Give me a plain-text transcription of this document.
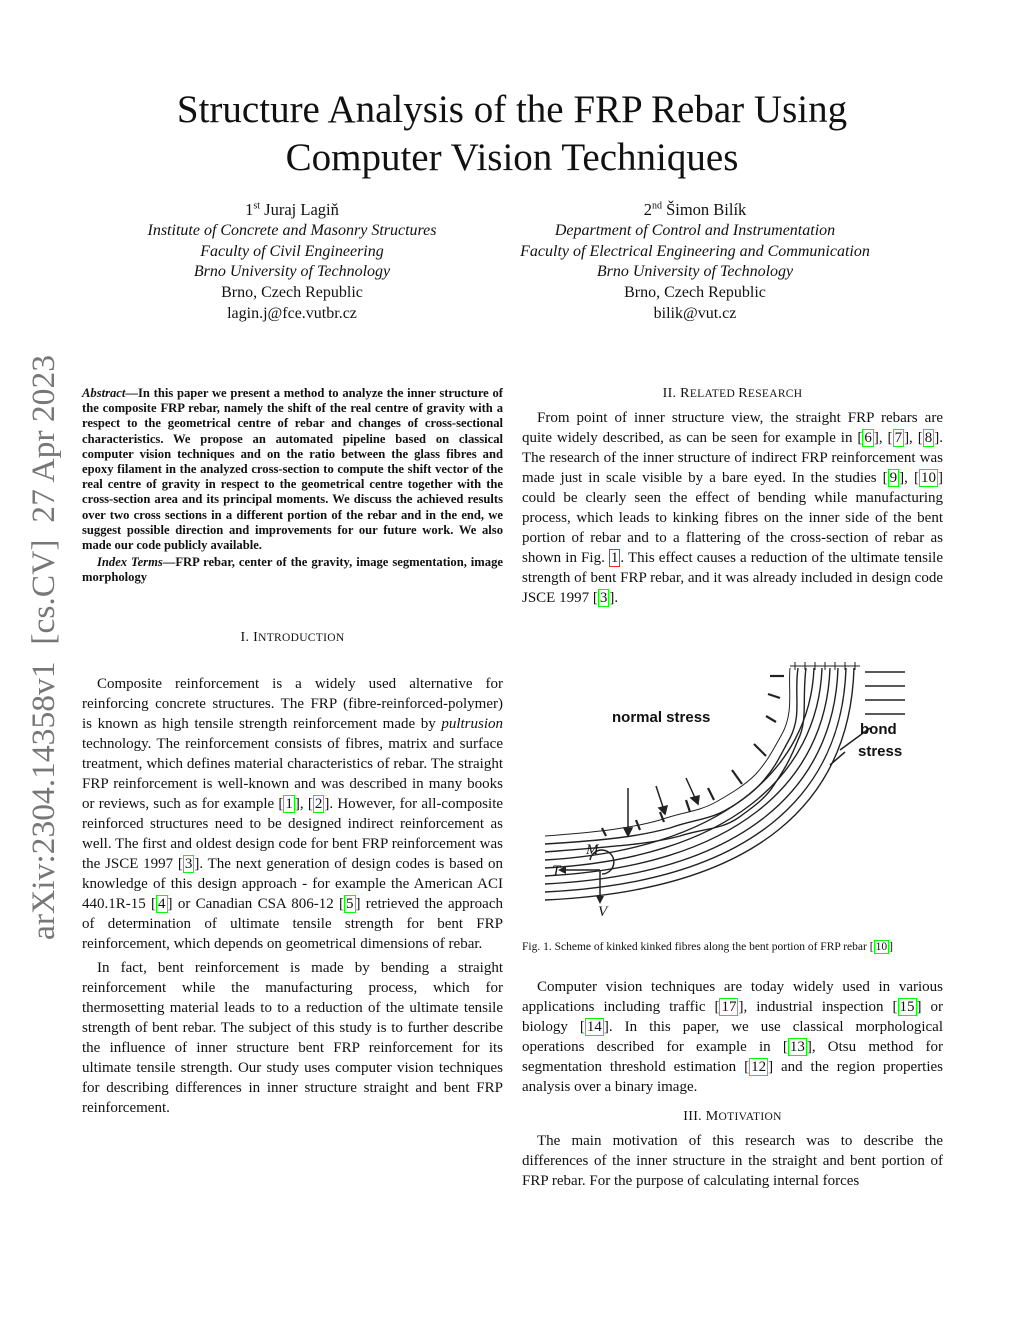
Structure Analysis of the FRP Rebar Using
Computer Vision Techniques
1st Juraj Lagiň
Institute of Concrete and Masonry Structures
Faculty of Civil Engineering
Brno University of Technology
Brno, Czech Republic
lagin.j@fce.vutbr.cz
2nd Šimon Bilík
Department of Control and Instrumentation
Faculty of Electrical Engineering and Communication
Brno University of Technology
Brno, Czech Republic
bilik@vut.cz
arXiv:2304.14358v1  [cs.CV]  27 Apr 2023 Abstract—In this paper we present a method to analyze the inner structure of the composite FRP rebar, namely the shift of the real centre of gravity with a respect to the geometrical centre of rebar and changes of cross-sectional characteristics. We propose an automated pipeline based on classical computer vision techniques and on the ratio between the glass fibres and epoxy filament in the analyzed cross-section to compute the shift vector of the real centre of gravity in respect to the geometrical centre together with the cross-section area and its principal moments. We discuss the achieved results over two cross sections in a different portion of the rebar and in the end, we suggest possible direction and improvements for our future work. We also made our code publicly available.

Index Terms—FRP rebar, center of the gravity, image segmentation, image morphology

I. INTRODUCTION

Composite reinforcement is a widely used alternative for reinforcing concrete structures. The FRP (fibre-reinforced-polymer) is known as high tensile strength reinforcement made by pultrusion technology. The reinforcement consists of fibres, matrix and surface treatment, which defines material characteristics of rebar. The straight FRP reinforcement is well-known and was described in many books or reviews, such as for example [ 1 ], [ 2 ]. However, for all-composite reinforced structures need to be designed indirect reinforcement as well. The first and oldest design code for bent FRP reinforcement was the JSCE 1997 [ 3 ]. The next generation of design codes is based on knowledge of this design approach - for example the American ACI 440.1R-15 [ 4 ] or Canadian CSA 806-12 [ 5 ] retrieved the approach of determination of ultimate tensile strength for bent FRP reinforcement, which depends on geometrical dimensions of rebar.

In fact, bent reinforcement is made by bending a straight reinforcement while the manufacturing process, which for thermosetting material leads to to a reduction of the ultimate tensile strength of bent rebar. The subject of this study is to further describe the influence of inner structure bent FRP reinforcement for its ultimate tensile strength. Our study uses computer vision techniques for describing differences in inner structure straight and bent FRP reinforcement.

II. RELATED RESEARCH

From point of inner structure view, the straight FRP rebars are quite widely described, as can be seen for example in [ 6 ], [ 7 ], [ 8 ]. The research of the inner structure of indirect FRP reinforcement was made just in scale visible by a bare eyed. In the studies [ 9 ], [ 10 ] could be clearly seen the effect of bending while manufacturing process, which leads to kinking fibres on the inner side of the bent portion of rebar and to a flattering of the cross-section of rebar as shown in Fig. 1 . This effect causes a reduction of the ultimate tensile strength of bent FRP rebar, and it was already included in design code JSCE 1997 [ 3 ].

normal stress
bond
stress
M
T
V

Fig. 1. Scheme of kinked kinked fibres along the bent portion of FRP rebar [ 10 ]

Computer vision techniques are today widely used in various applications including traffic [ 17 ], industrial inspection [ 15 ] or biology [ 14 ]. In this paper, we use classical morphological operations described for example in [ 13 ], Otsu method for segmentation threshold estimation [ 12 ] and the region properties analysis over a binary image.

III. MOTIVATION

The main motivation of this research was to describe the differences of the inner structure in the straight and bent portion of FRP rebar. For the purpose of calculating internal forces
